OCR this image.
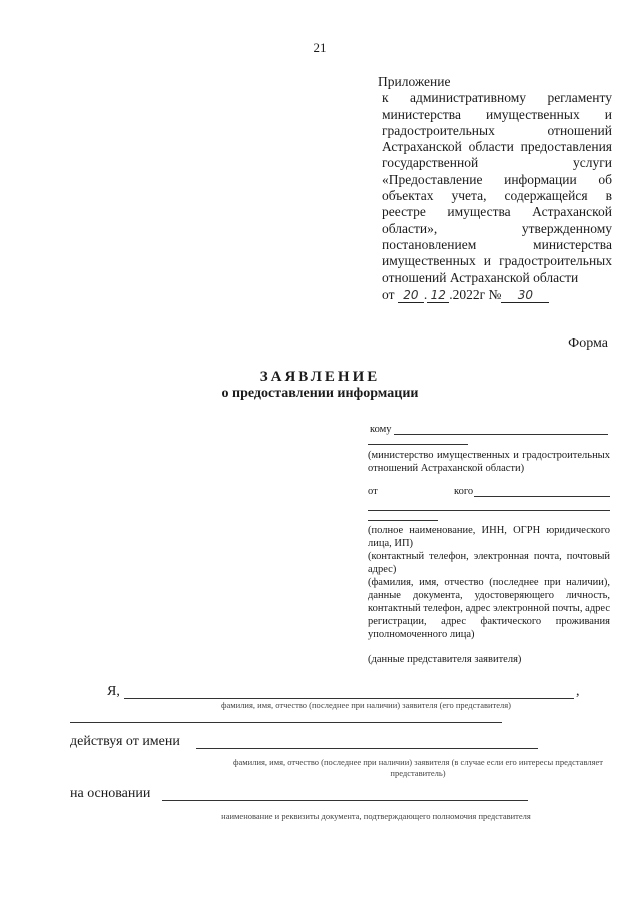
21
Приложение
к административному регламенту министерства имущественных и градостроительных отношений Астраханской области предоставления государственной услуги «Предоставление информации об объектах учета, содержащейся в реестре имущества Астраханской области», утвержденному постановлением министерства имущественных и градостроительных отношений Астраханской области
от 20 . 12 .2022г № 30
Форма
ЗАЯВЛЕНИЕ
о предоставлении информации
кому
(министерство имущественных и градостроительных отношений Астраханской области)
от	кого
(полное наименование, ИНН, ОГРН юридического лица, ИП)
(контактный телефон, электронная почта, почтовый адрес)
(фамилия, имя, отчество (последнее при наличии), данные документа, удостоверяющего личность, контактный телефон, адрес электронной почты, адрес регистрации, адрес фактического проживания уполномоченного лица)
(данные представителя заявителя)
Я,	,
фамилия, имя, отчество (последнее при наличии) заявителя (его представителя)
действуя от имени
фамилия, имя, отчество (последнее при наличии) заявителя (в случае если его интересы представляет представитель)
на основании
наименование и реквизиты документа, подтверждающего полномочия представителя
